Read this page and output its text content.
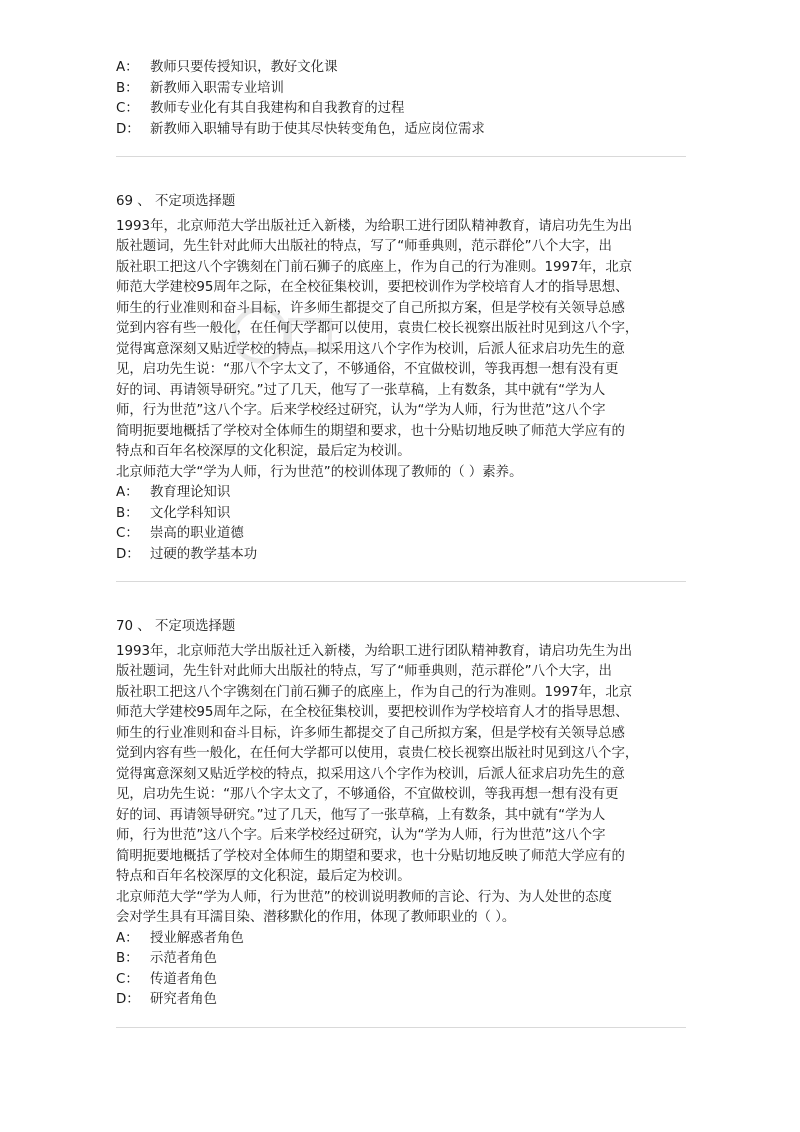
A： 教师只要传授知识，教好文化课

B： 新教师入职需专业培训

C： 教师专业化有其自我建构和自我教育的过程

D： 新教师入职辅导有助于使其尽快转变角色，适应岗位需求

69 、 不定项选择题

1993年，北京师范大学出版社迁入新楼，为给职工进行团队精神教育，请启功先生为出

版社题词，先生针对此师大出版社的特点，写了“师垂典则，范示群伦”八个大字，出

版社职工把这八个字镌刻在门前石狮子的底座上，作为自己的行为准则。1997年，北京

师范大学建校95周年之际，在全校征集校训，要把校训作为学校培育人才的指导思想、

师生的行业准则和奋斗目标，许多师生都提交了自己所拟方案，但是学校有关领导总感

觉到内容有些一般化，在任何大学都可以使用，袁贵仁校长视察出版社时见到这八个字，

觉得寓意深刻又贴近学校的特点，拟采用这八个字作为校训，后派人征求启功先生的意

见，启功先生说：“那八个字太文了，不够通俗，不宜做校训，等我再想一想有没有更

好的词、再请领导研究。”过了几天，他写了一张草稿，上有数条，其中就有“学为人

师，行为世范”这八个字。后来学校经过研究，认为“学为人师，行为世范”这八个字

简明扼要地概括了学校对全体师生的期望和要求，也十分贴切地反映了师范大学应有的

特点和百年名校深厚的文化积淀，最后定为校训。

北京师范大学“学为人师，行为世范”的校训体现了教师的（ ）素养。

A： 教育理论知识

B： 文化学科知识

C： 崇高的职业道德

D： 过硬的教学基本功

70 、 不定项选择题

1993年，北京师范大学出版社迁入新楼，为给职工进行团队精神教育，请启功先生为出

版社题词，先生针对此师大出版社的特点，写了“师垂典则，范示群伦”八个大字，出

版社职工把这八个字镌刻在门前石狮子的底座上，作为自己的行为准则。1997年，北京

师范大学建校95周年之际，在全校征集校训，要把校训作为学校培育人才的指导思想、

师生的行业准则和奋斗目标，许多师生都提交了自己所拟方案，但是学校有关领导总感

觉到内容有些一般化，在任何大学都可以使用，袁贵仁校长视察出版社时见到这八个字，

觉得寓意深刻又贴近学校的特点，拟采用这八个字作为校训，后派人征求启功先生的意

见，启功先生说：“那八个字太文了，不够通俗，不宜做校训，等我再想一想有没有更

好的词、再请领导研究。”过了几天，他写了一张草稿，上有数条，其中就有“学为人

师，行为世范”这八个字。后来学校经过研究，认为“学为人师，行为世范”这八个字

简明扼要地概括了学校对全体师生的期望和要求，也十分贴切地反映了师范大学应有的

特点和百年名校深厚的文化积淀，最后定为校训。

北京师范大学“学为人师，行为世范”的校训说明教师的言论、行为、为人处世的态度

会对学生具有耳濡目染、潜移默化的作用，体现了教师职业的（ ）。

A： 授业解惑者角色

B： 示范者角色

C： 传道者角色

D： 研究者角色
